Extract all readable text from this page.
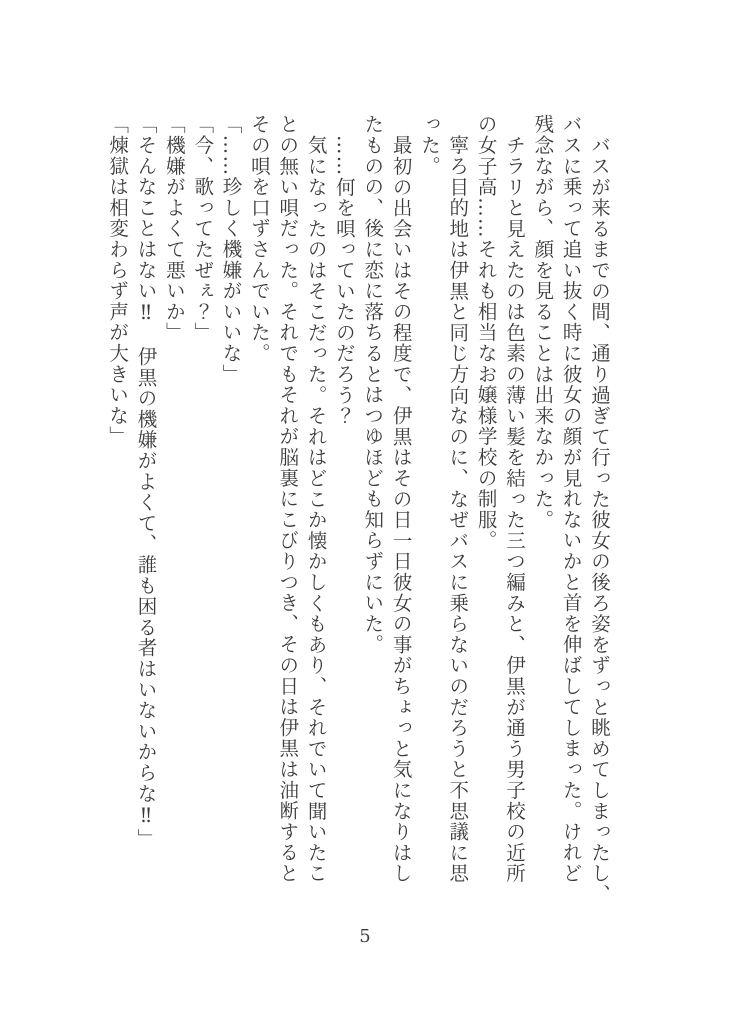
バスが来るまでの間、通り過ぎて行った彼女の後ろ姿をずっと眺めてしまったし、
バスに乗って追い抜く時に彼女の顔が見れないかと首を伸ばしてしまった。けれど
残念ながら、顔を見ることは出来なかった。
チラリと見えたのは色素の薄い髪を結った三つ編みと、伊黒が通う男子校の近所
の女子高……それも相当なお嬢様学校の制服。
寧ろ目的地は伊黒と同じ方向なのに、なぜバスに乗らないのだろうと不思議に思
った。
最初の出会いはその程度で、伊黒はその日一日彼女の事がちょっと気になりはし
たものの、後に恋に落ちるとはつゆほども知らずにいた。
……何を唄っていたのだろう？
気になったのはそこだった。それはどこか懐かしくもあり、それでいて聞いたこ
との無い唄だった。それでもそれが脳裏にこびりつき、その日は伊黒は油断すると
その唄を口ずさんでいた。
「……珍しく機嫌がいいな」
「今、歌ってたぜぇ？」
「機嫌がよくて悪いか」
「そんなことはない‼　伊黒の機嫌がよくて、誰も困る者はいないからな‼」
「煉獄は相変わらず声が大きいな」
5
